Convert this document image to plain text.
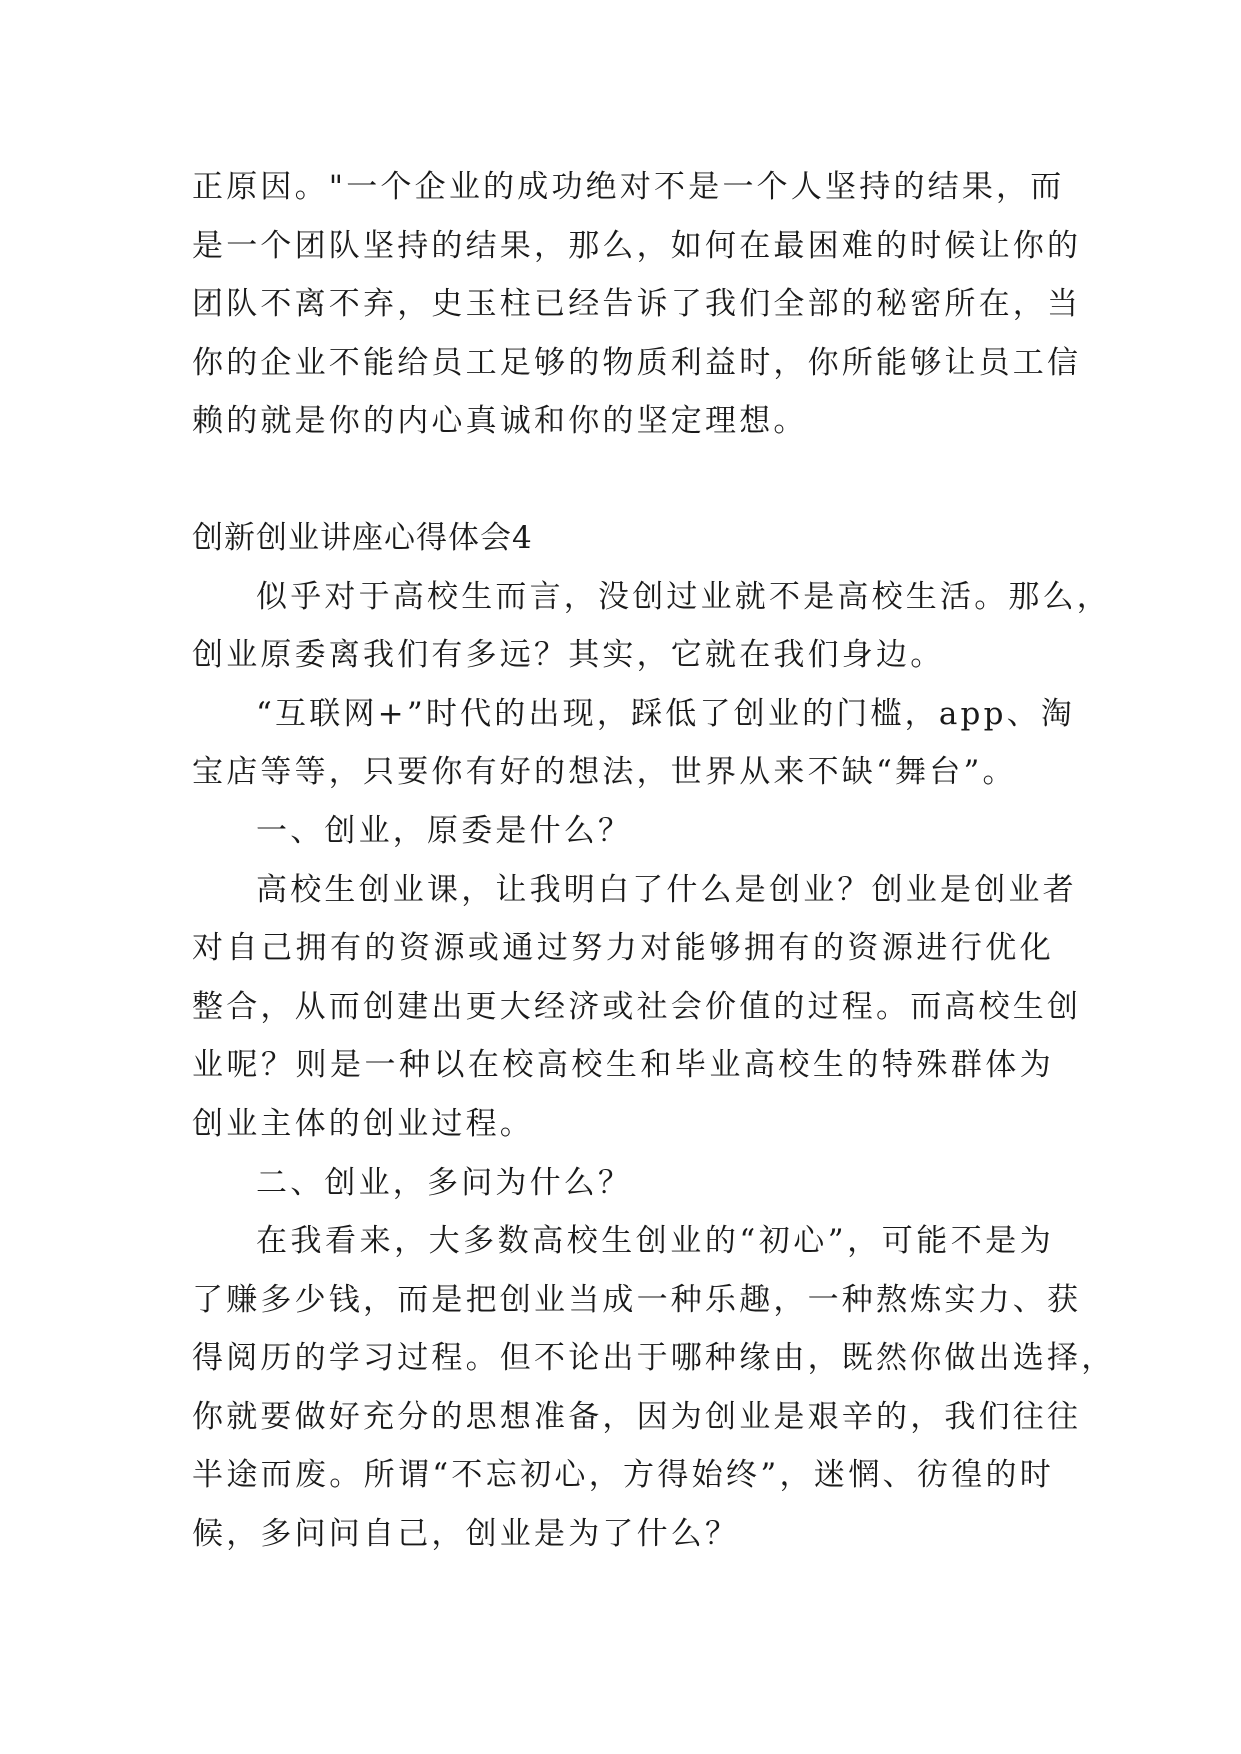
正原因。"一个企业的成功绝对不是一个人坚持的结果，而
是一个团队坚持的结果，那么，如何在最困难的时候让你的
团队不离不弃，史玉柱已经告诉了我们全部的秘密所在，当
你的企业不能给员工足够的物质利益时，你所能够让员工信
赖的就是你的内心真诚和你的坚定理想。
创新创业讲座心得体会4
似乎对于高校生而言，没创过业就不是高校生活。那么，
创业原委离我们有多远？其实，它就在我们身边。
“互联网+”时代的出现，踩低了创业的门槛，app、淘
宝店等等，只要你有好的想法，世界从来不缺“舞台”。
一、创业，原委是什么？
高校生创业课，让我明白了什么是创业？创业是创业者
对自己拥有的资源或通过努力对能够拥有的资源进行优化
整合，从而创建出更大经济或社会价值的过程。而高校生创
业呢？则是一种以在校高校生和毕业高校生的特殊群体为
创业主体的创业过程。
二、创业，多问为什么？
在我看来，大多数高校生创业的“初心”，可能不是为
了赚多少钱，而是把创业当成一种乐趣，一种熬炼实力、获
得阅历的学习过程。但不论出于哪种缘由，既然你做出选择，
你就要做好充分的思想准备，因为创业是艰辛的，我们往往
半途而废。所谓“不忘初心，方得始终”，迷惘、彷徨的时
候，多问问自己，创业是为了什么？
